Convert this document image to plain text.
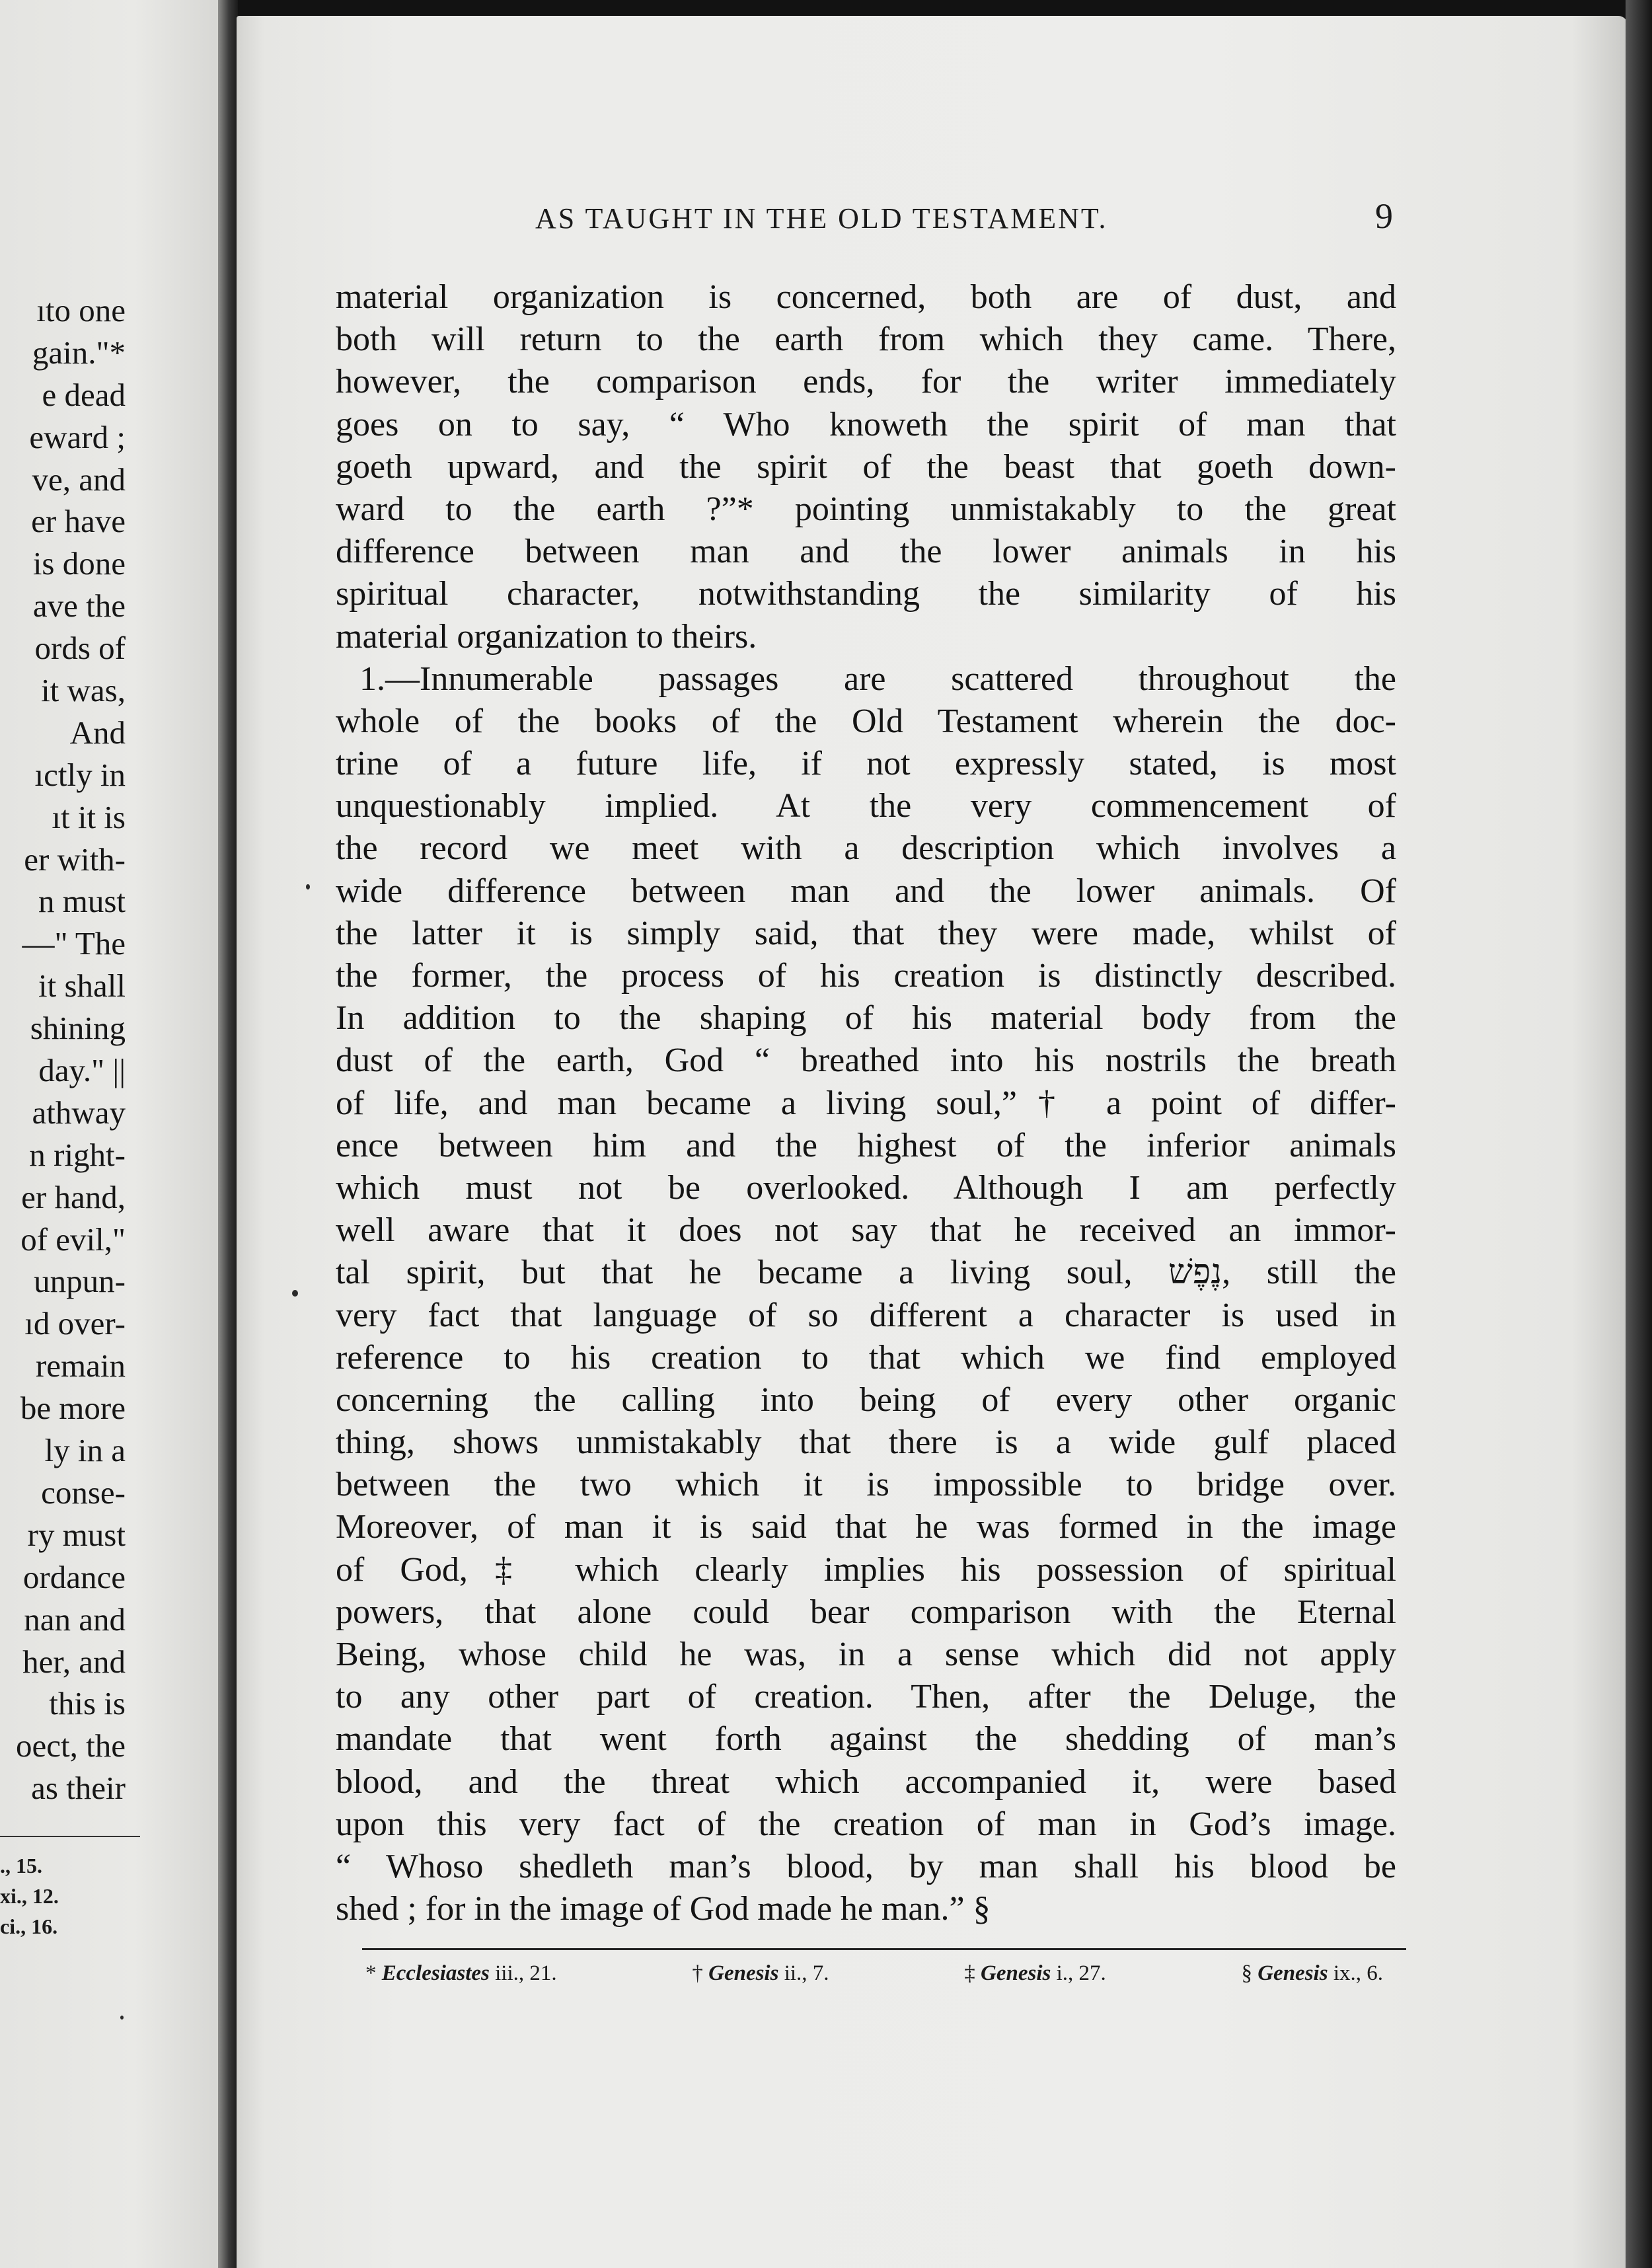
ıto one
gain."*
e dead
eward ;
ve, and
er have
is done
ave the
ords of
it was,
And
ıctly in
ıt it is
er with-
n must
—" The
it shall
shining
day." ||
athway
n right-
er hand,
of evil,"
unpun-
ıd over-
remain
be more
ly in a
conse-
ry must
ordance
nan and
her, and
this is
oect, the
as their
., 15.
xi., 12.
ci., 16.
AS TAUGHT IN THE OLD TESTAMENT.	9
material organization is concerned, both are of dust, and
both will return to the earth from which they came. There,
however, the comparison ends, for the writer immediately
goes on to say, “ Who knoweth the spirit of man that
goeth upward, and the spirit of the beast that goeth down-
ward to the earth ?”* pointing unmistakably to the great
difference between man and the lower animals in his
spiritual character, notwithstanding the similarity of his
material organization to theirs.
1.—Innumerable passages are scattered throughout the
whole of the books of the Old Testament wherein the doc-
trine of a future life, if not expressly stated, is most
unquestionably implied. At the very commencement of
the record we meet with a description which involves a
wide difference between man and the lower animals. Of
the latter it is simply said, that they were made, whilst of
the former, the process of his creation is distinctly described.
In addition to the shaping of his material body from the
dust of the earth, God “ breathed into his nostrils the breath
of life, and man became a living soul,”† a point of differ-
ence between him and the highest of the inferior animals
which must not be overlooked. Although I am perfectly
well aware that it does not say that he received an immor-
tal spirit, but that he became a living soul, נֶפֶשׁ, still the
very fact that language of so different a character is used in
reference to his creation to that which we find employed
concerning the calling into being of every other organic
thing, shows unmistakably that there is a wide gulf placed
between the two which it is impossible to bridge over.
Moreover, of man it is said that he was formed in the image
of God,‡ which clearly implies his possession of spiritual
powers, that alone could bear comparison with the Eternal
Being, whose child he was, in a sense which did not apply
to any other part of creation. Then, after the Deluge, the
mandate that went forth against the shedding of man’s
blood, and the threat which accompanied it, were based
upon this very fact of the creation of man in God’s image.
“ Whoso shedleth man’s blood, by man shall his blood be
shed ; for in the image of God made he man.” §
* Ecclesiastes iii., 21.	† Genesis ii., 7.	‡ Genesis i., 27.	§ Genesis ix., 6.
